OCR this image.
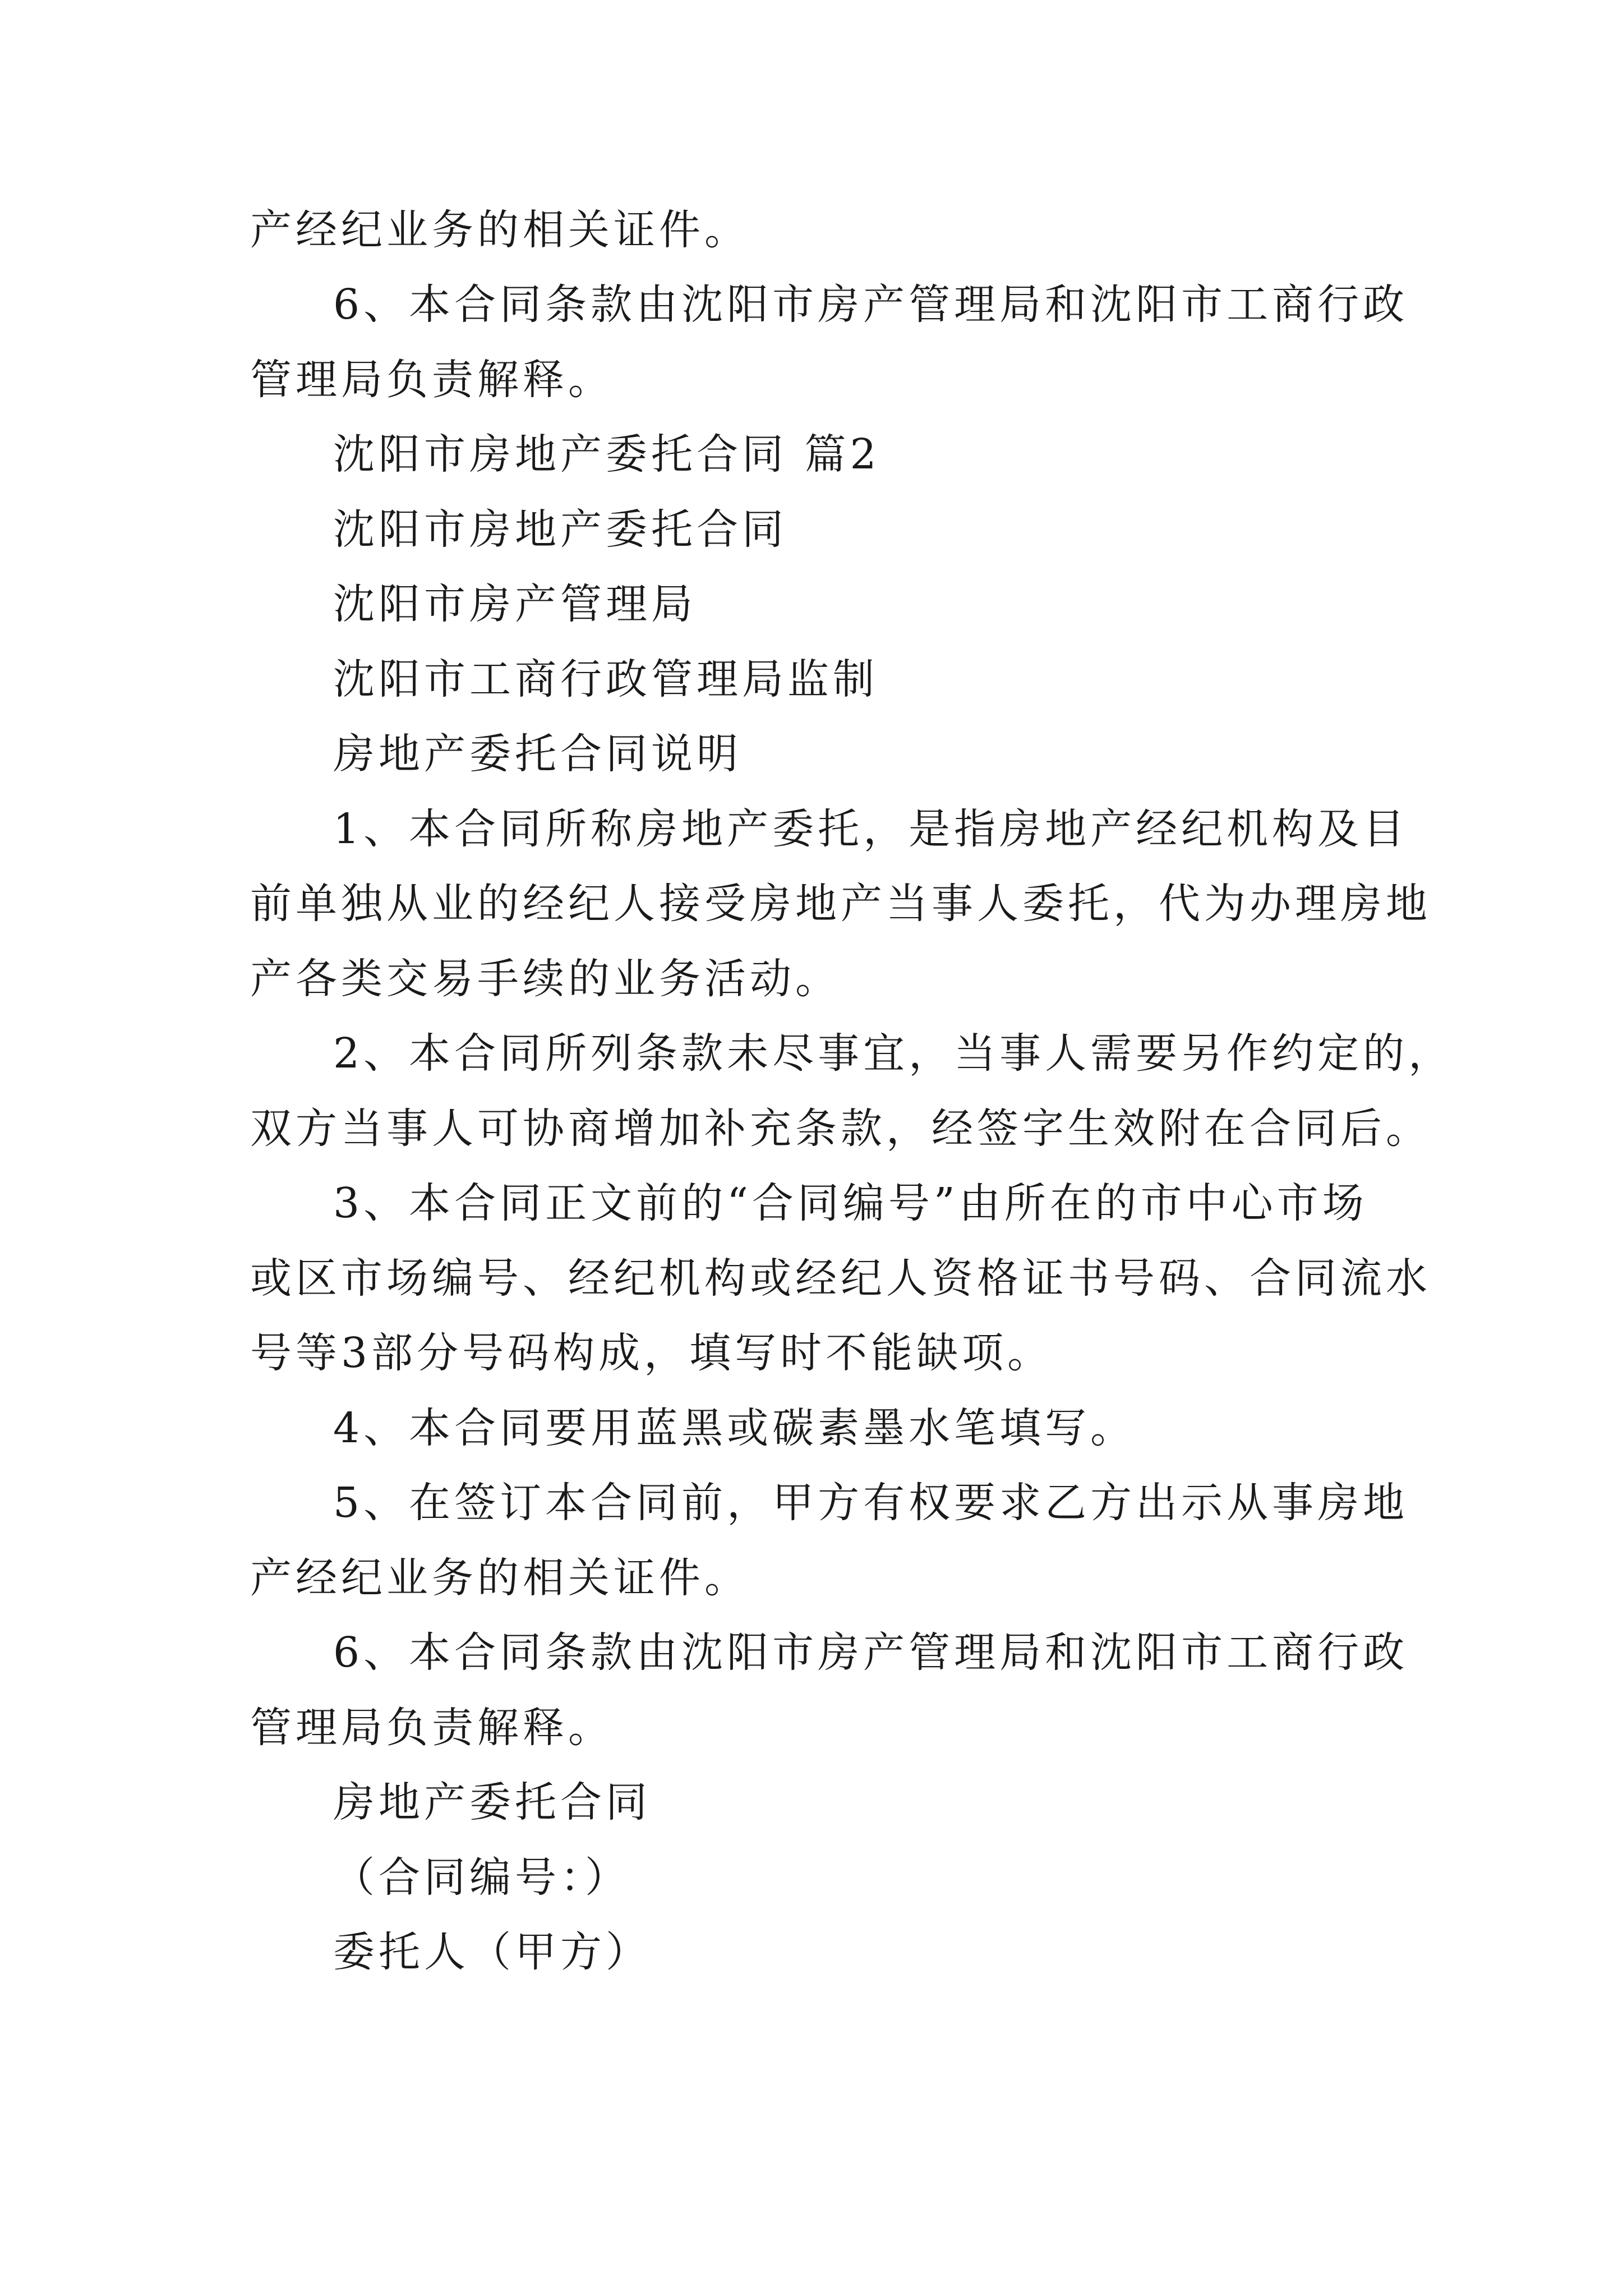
产经纪业务的相关证件。
6、本合同条款由沈阳市房产管理局和沈阳市工商行政
管理局负责解释。
沈阳市房地产委托合同 篇2
沈阳市房地产委托合同
沈阳市房产管理局
沈阳市工商行政管理局监制
房地产委托合同说明
1、本合同所称房地产委托，是指房地产经纪机构及目
前单独从业的经纪人接受房地产当事人委托，代为办理房地
产各类交易手续的业务活动。
2、本合同所列条款未尽事宜，当事人需要另作约定的，
双方当事人可协商增加补充条款，经签字生效附在合同后。
3、本合同正文前的“合同编号”由所在的市中心市场
或区市场编号、经纪机构或经纪人资格证书号码、合同流水
号等3部分号码构成，填写时不能缺项。
4、本合同要用蓝黑或碳素墨水笔填写。
5、在签订本合同前，甲方有权要求乙方出示从事房地
产经纪业务的相关证件。
6、本合同条款由沈阳市房产管理局和沈阳市工商行政
管理局负责解释。
房地产委托合同
（合同编号：）
委托人（甲方）
